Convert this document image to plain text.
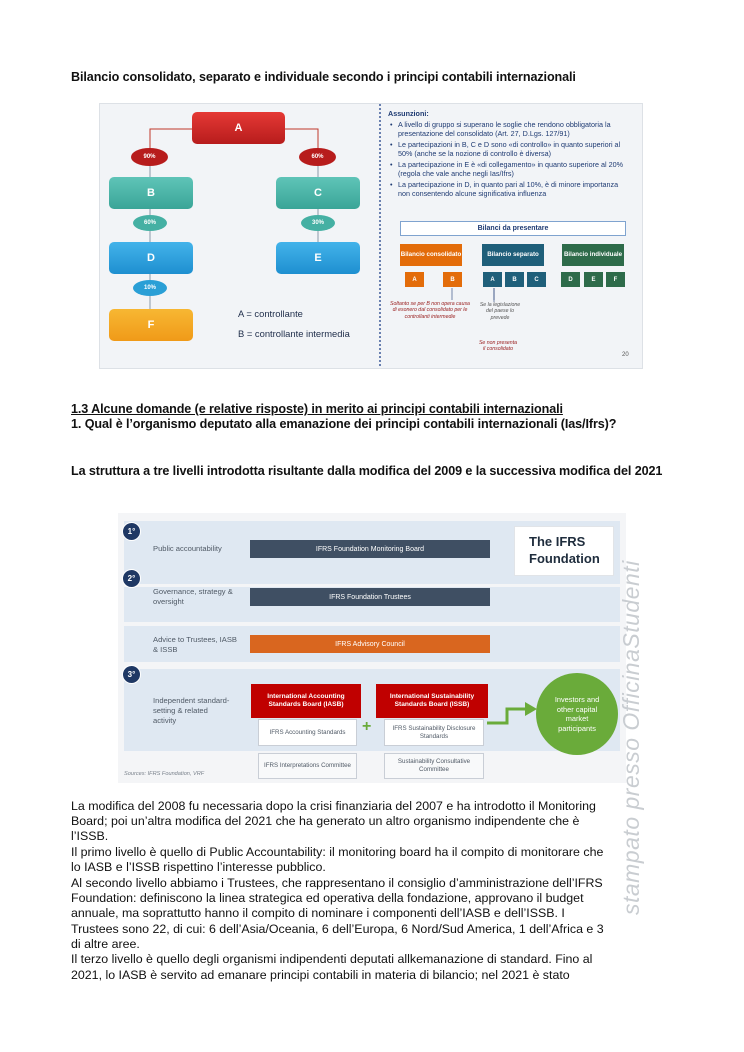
Bilancio consolidato, separato e individuale secondo i principi contabili internazionali
A
90%	60%
B	C
60%	30%
D	E
10%
F
A = controllante
B = controllante intermedia
Assunzioni:
• A livello di gruppo si superano le soglie che rendono obbligatoria la presentazione del consolidato (Art. 27, D.Lgs. 127/91)
• Le partecipazioni in B, C e D sono «di controllo» in quanto superiori al 50% (anche se la nozione di controllo è diversa)
• La partecipazione in E è «di collegamento» in quanto superiore al 20% (regola che vale anche negli Ias/Ifrs)
• La partecipazione in D, in quanto pari al 10%, è di minore importanza non consentendo alcune significativa influenza
Bilanci da presentare
Bilancio consolidato	Bilancio separato	Bilancio individuale
A	B	A	B	C	D	E	F
Soltanto se per B non opera causa di esonero dal consolidato per le controllanti intermedie
Se la legislazione del paese lo prevede
Se non presenta il consolidato
20
1.3 Alcune domande (e relative risposte) in merito ai principi contabili internazionali
1. Qual è l’organismo deputato alla emanazione dei principi contabili internazionali (Ias/Ifrs)?
La struttura a tre livelli introdotta risultante dalla modifica del 2009 e la successiva modifica del 2021
1°
2°
3°
Public accountability
Governance, strategy & oversight
Advice to Trustees, IASB & ISSB
Independent standard-setting & related activity
IFRS Foundation Monitoring Board
IFRS Foundation Trustees
IFRS Advisory Council
The IFRS Foundation
International Accounting Standards Board (IASB)
International Sustainability Standards Board (ISSB)
IFRS Accounting Standards
IFRS Sustainability Disclosure Standards
+
IFRS Interpretations Committee
Sustainability Consultative Committee
Investors and other capital market participants
Sources: IFRS Foundation, VRF
La modifica del 2008 fu necessaria dopo la crisi finanziaria del 2007 e ha introdotto il Monitoring
Board; poi un’altra modifica del 2021 che ha generato un altro organismo indipendente che è
l’ISSB.
Il primo livello è quello di Public Accountability: il monitoring board ha il compito di monitorare che
lo IASB e l’ISSB rispettino l’interesse pubblico.
Al secondo livello abbiamo i Trustees, che rappresentano il consiglio d’amministrazione dell’IFRS
Foundation: definiscono la linea strategica ed operativa della fondazione, approvano il budget
annuale, ma soprattutto hanno il compito di nominare i componenti dell’IASB e dell’ISSB. I
Trustees sono 22, di cui: 6 dell’Asia/Oceania, 6 dell’Europa, 6 Nord/Sud America, 1 dell’Africa e 3
di altre aree.
Il terzo livello è quello degli organismi indipendenti deputati allkemanazione di standard. Fino al
2021, lo IASB è servito ad emanare principi contabili in materia di bilancio; nel 2021 è stato
stampato presso OfficinaStudenti
